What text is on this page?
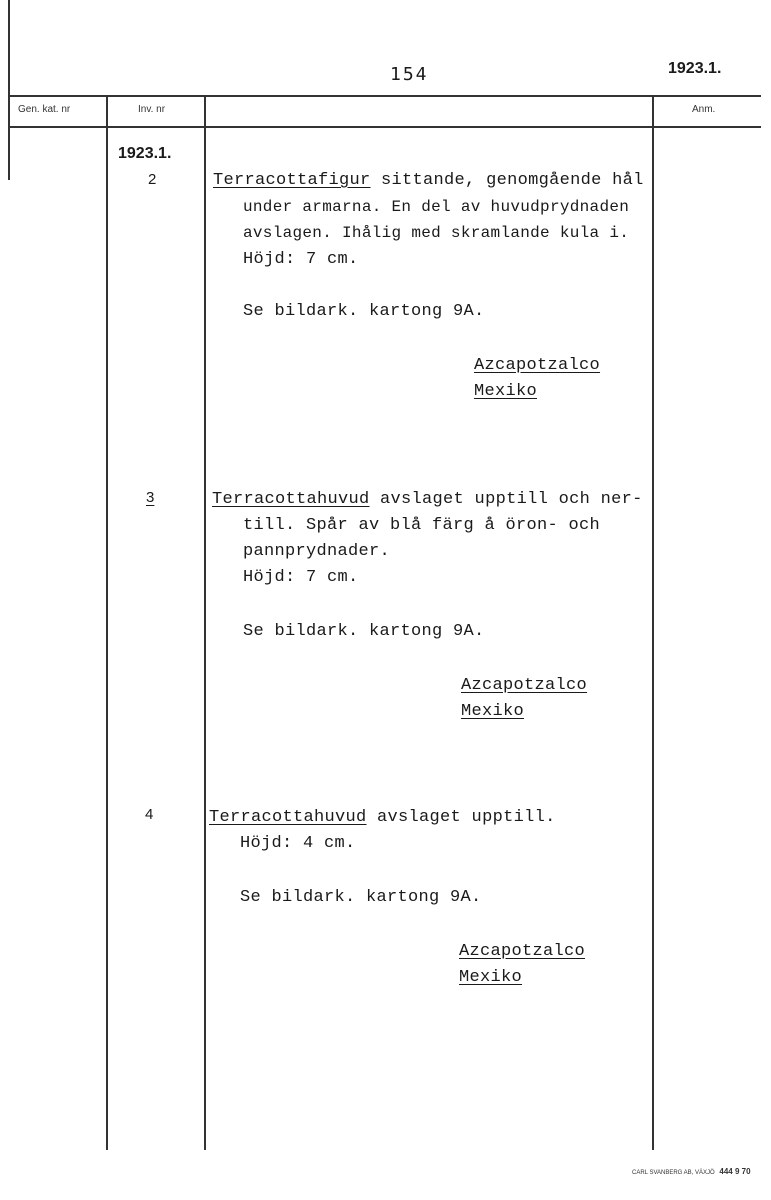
154	1923.1.
Gen. kat. nr	Inv. nr	Anm.
1923.1.
2	Terracottafigur sittande, genomgående hål
under armarna. En del av huvudprydnaden
avslagen. Ihålig med skramlande kula i.
Höjd: 7 cm.
Se bildark. kartong 9A.
Azcapotzalco
Mexiko
3	Terracottahuvud avslaget upptill och ner-
till. Spår av blå färg å öron- och
pannprydnader.
Höjd: 7 cm.
Se bildark. kartong 9A.
Azcapotzalco
Mexiko
4	Terracottahuvud avslaget upptill.
Höjd: 4 cm.
Se bildark. kartong 9A.
Azcapotzalco
Mexiko
CARL SVANBERG AB, VÄXJÖ 444 9 70
